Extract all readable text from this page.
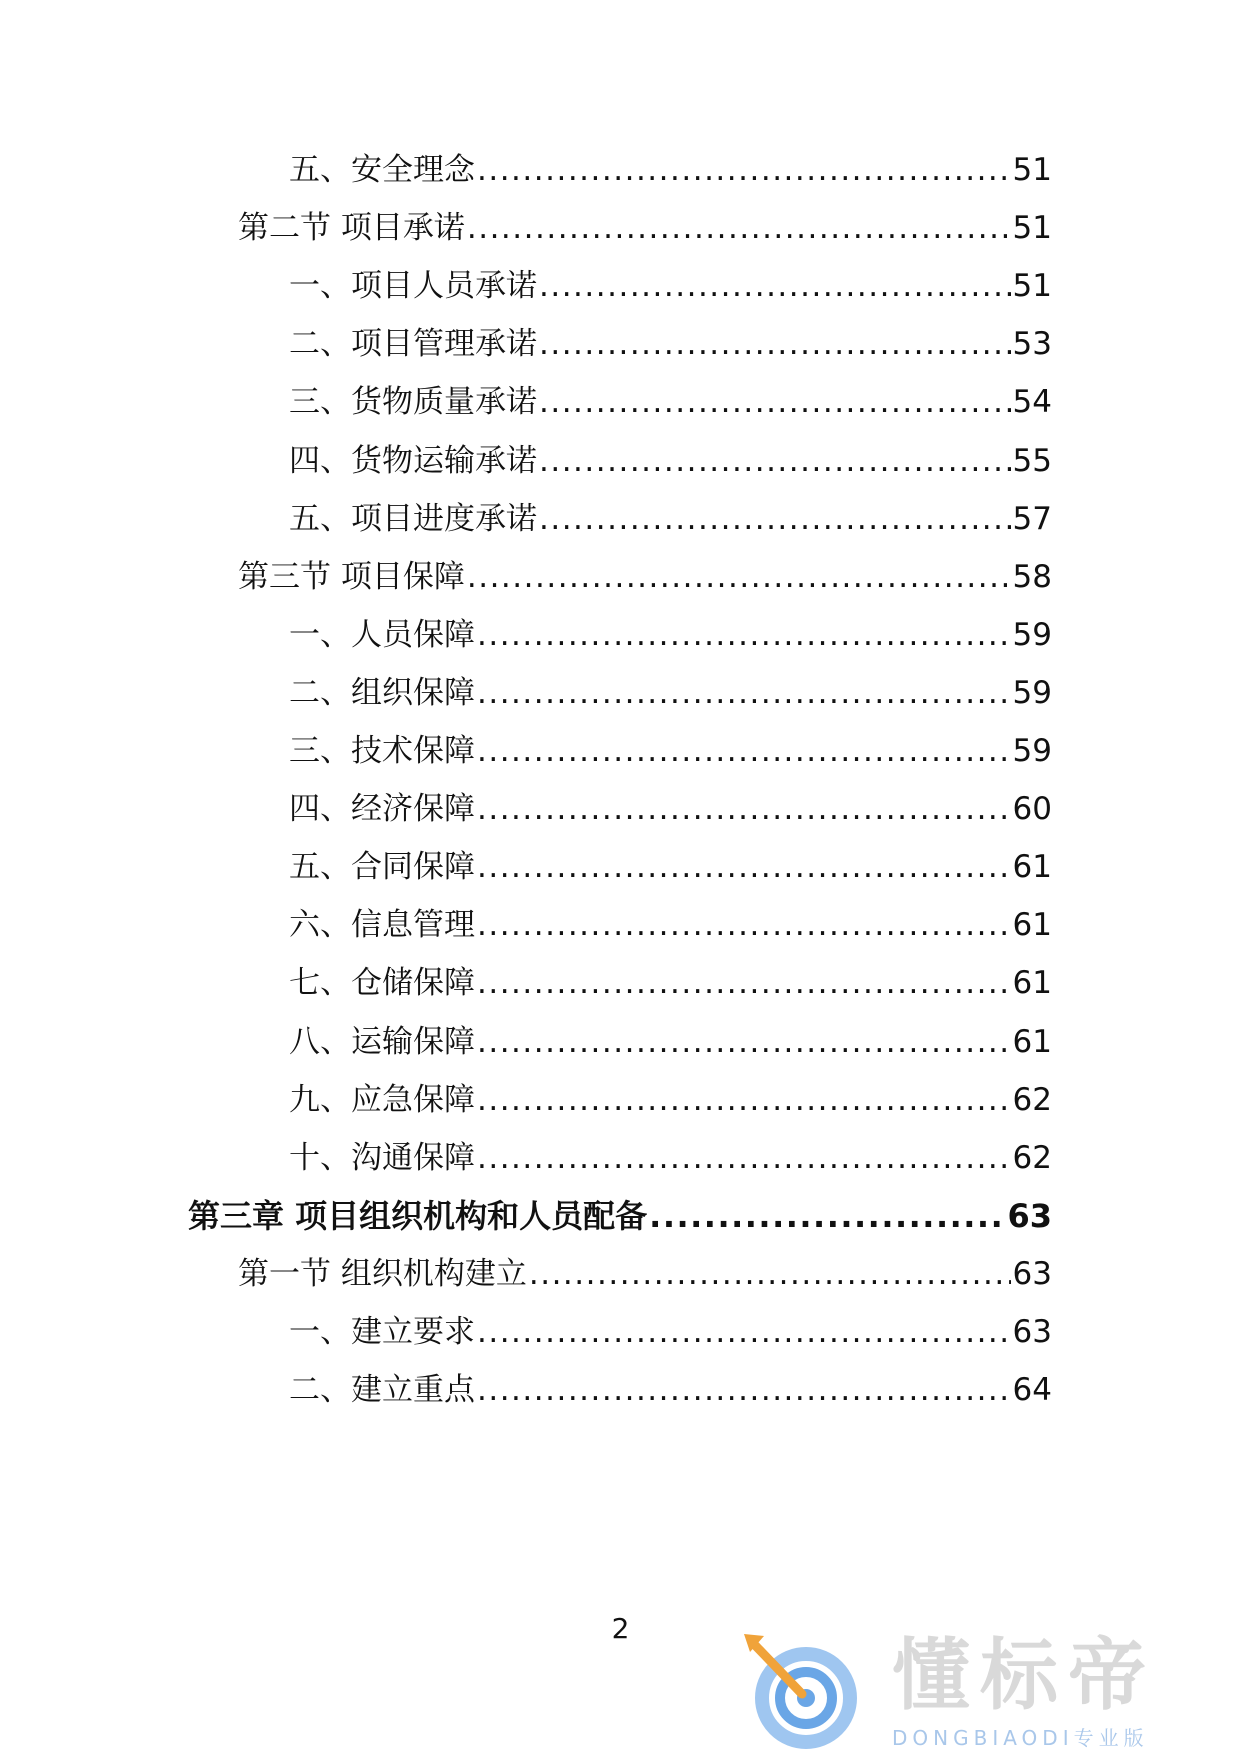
五、安全理念 .....	51
第二节 项目承诺 .....	51
一、项目人员承诺 .....	51
二、项目管理承诺 .....	53
三、货物质量承诺 .....	54
四、货物运输承诺 .....	55
五、项目进度承诺 .....	57
第三节 项目保障 .....	58
一、人员保障 .....	59
二、组织保障 .....	59
三、技术保障 .....	59
四、经济保障 .....	60
五、合同保障 .....	61
六、信息管理 .....	61
七、仓储保障 .....	61
八、运输保障 .....	61
九、应急保障 .....	62
十、沟通保障 .....	62
第三章 项目组织机构和人员配备 .....	63
第一节 组织机构建立 .....	63
一、建立要求 .....	63
二、建立重点 .....	64
2
懂标帝
DONGBIAODI专业版
